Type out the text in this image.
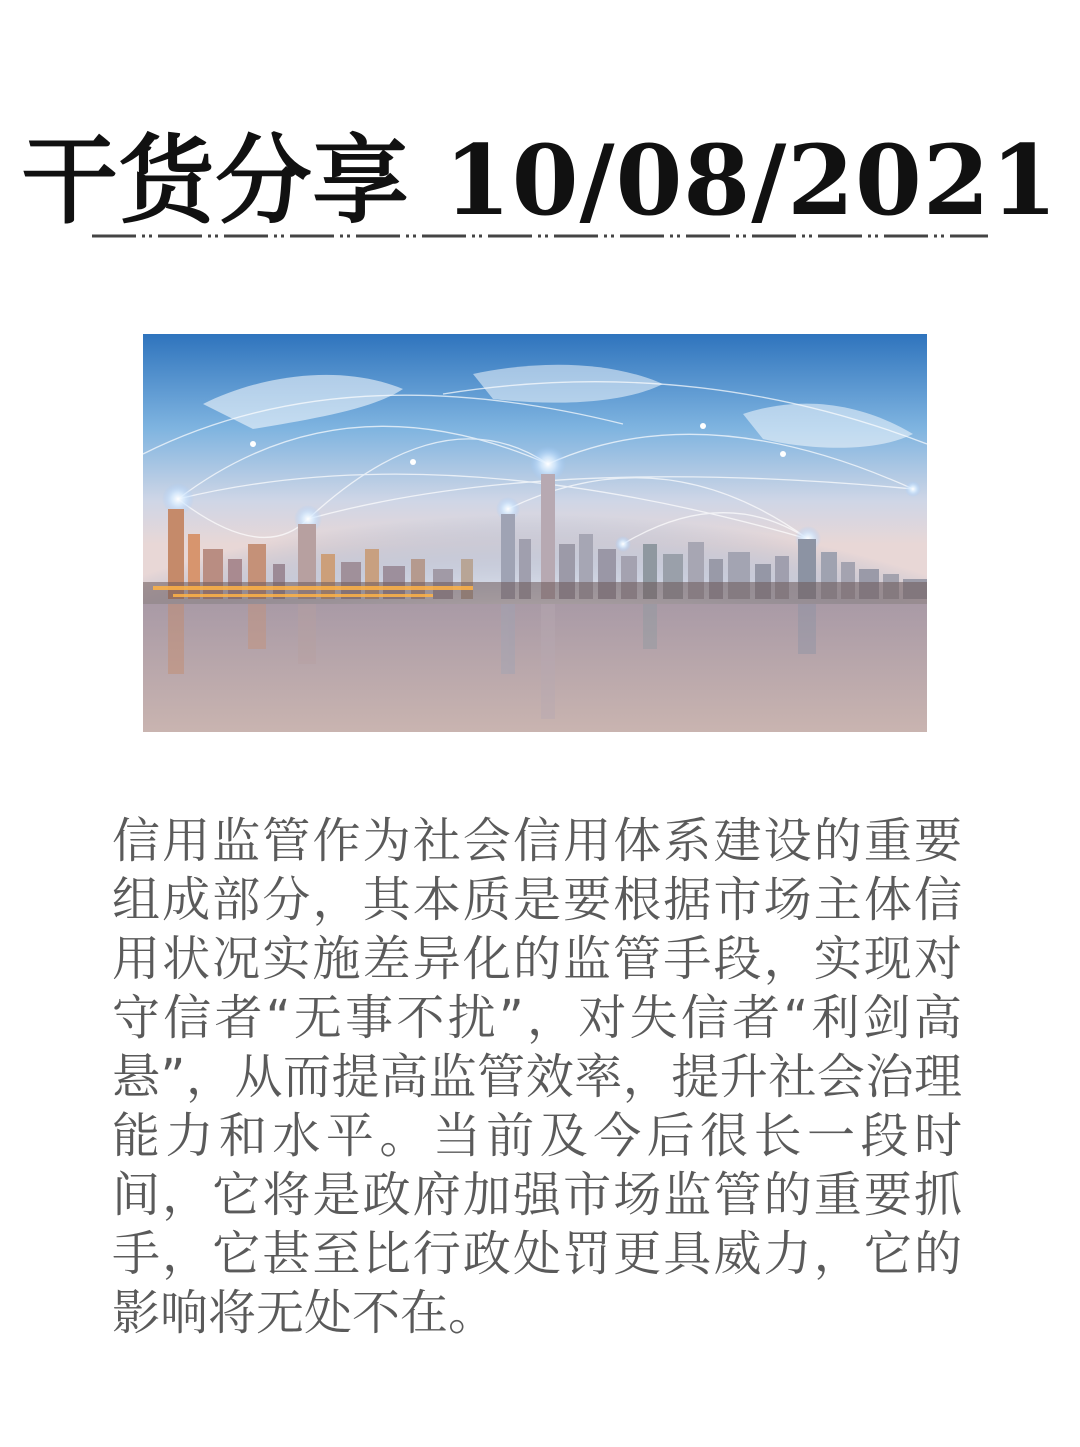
干货分享 10/08/2021

信用监管作为社会信用体系建设的重要组成部分，其本质是要根据市场主体信用状况实施差异化的监管手段，实现对守信者“无事不扰”，对失信者“利剑高悬”，从而提高监管效率，提升社会治理能力和水平。当前及今后很长一段时间，它将是政府加强市场监管的重要抓手，它甚至比行政处罚更具威力，它的影响将无处不在。
